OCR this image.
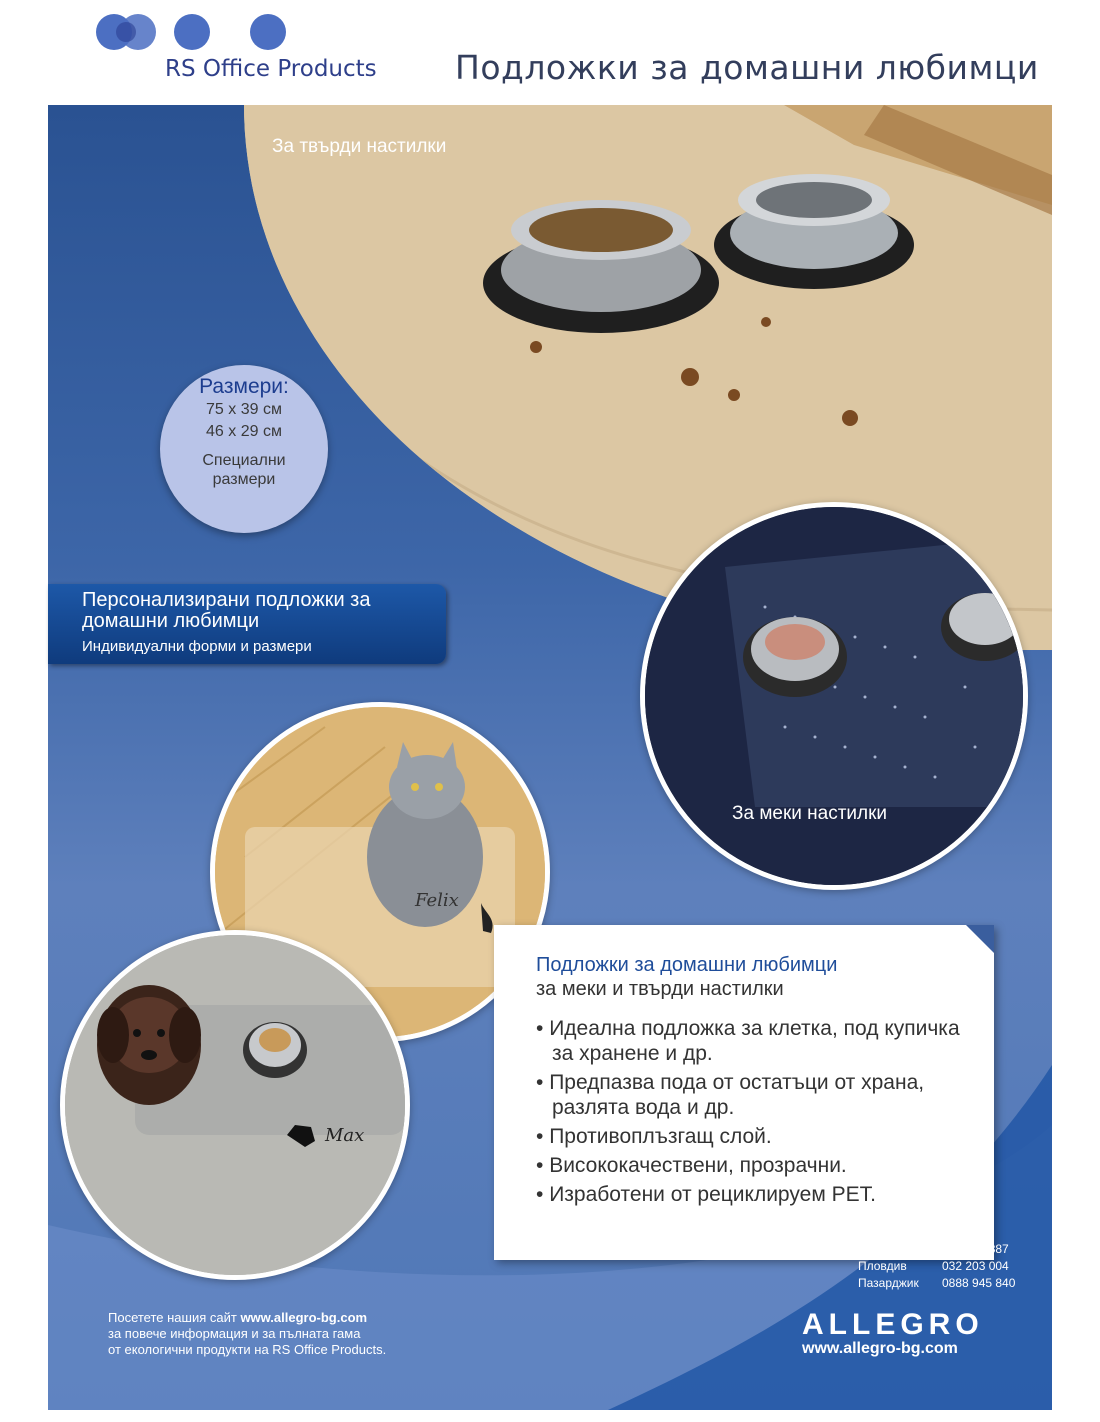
RS Office Products Подложки за домашни любимци
За меки настилки
Felix
Max
Подложки за домашни любимци
за меки и твърди настилки
• Идеална подложка за клетка, под купичка за хранене и др.
• Предпазва пода от остатъци от храна, разлята вода и др.
• Противоплъзгащ слой.
• Висококачествени, прозрачни.
• Изработени от рециклируем PET.
София	02 9788 887
Пловдив	032 203 004
Пазарджик	0888 945 840
ALLEGRO
www.allegro-bg.com
Посетете нашия сайт www.allegro-bg.com
за повече информация и за пълната гама
от екологични продукти на RS Office Products.
За твърди настилки
Размери:
75 x 39 см
46 x 29 см
Специални
размери
Персонализирани подложки за домашни любимци
Индивидуални форми и размери
